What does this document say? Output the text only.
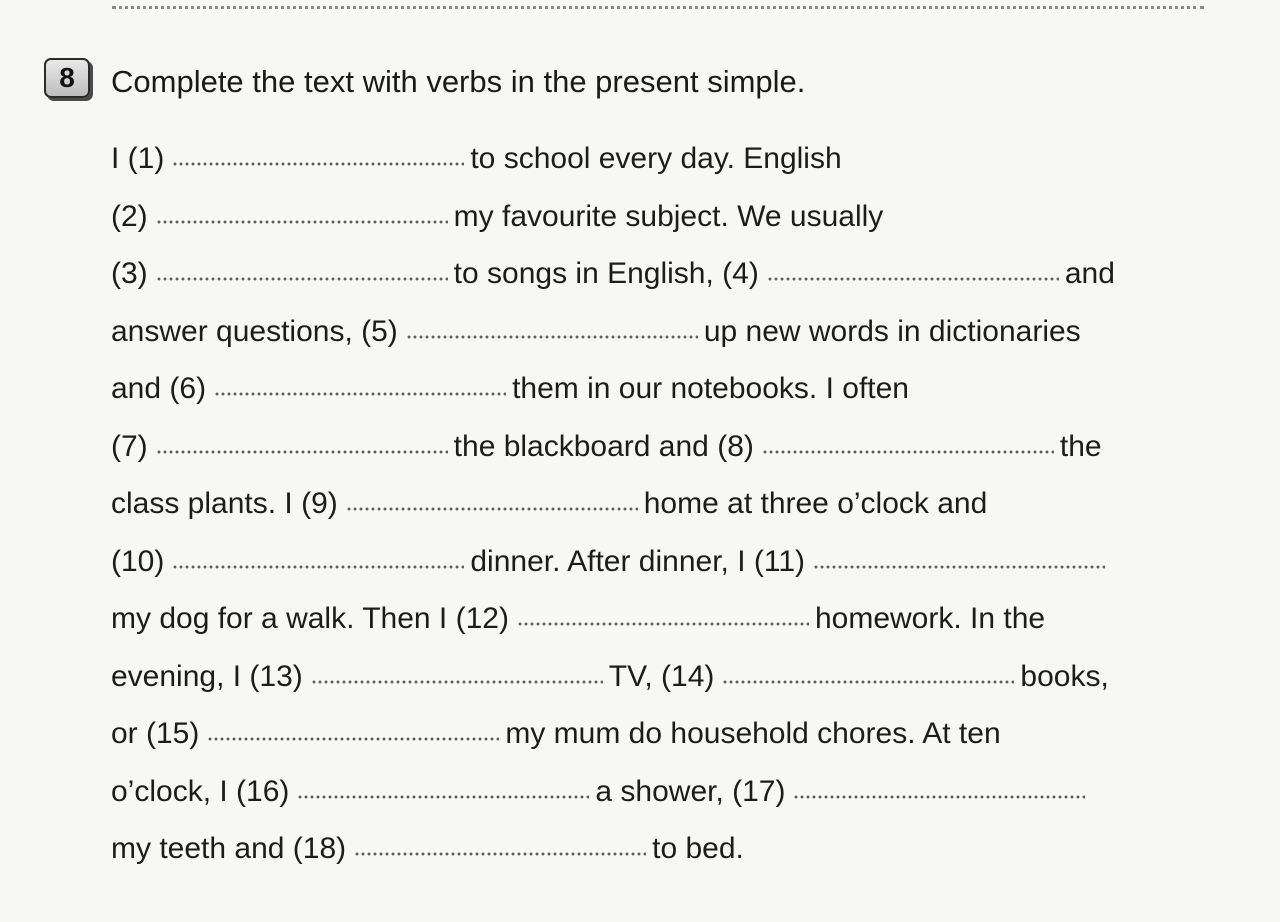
8 Complete the text with verbs in the present simple.
I (1)	to school every day. English
(2)	my favourite subject. We usually
(3)	to songs in English, (4)	and
answer questions, (5)	up new words in dictionaries
and (6)	them in our notebooks. I often
(7)	the blackboard and (8)	the
class plants. I (9)	home at three o’clock and
(10)	dinner. After dinner, I (11)
my dog for a walk. Then I (12)	homework. In the
evening, I (13)	TV, (14)	books,
or (15)	my mum do household chores. At ten
o’clock, I (16)	a shower, (17)
my teeth and (18)	to bed.
